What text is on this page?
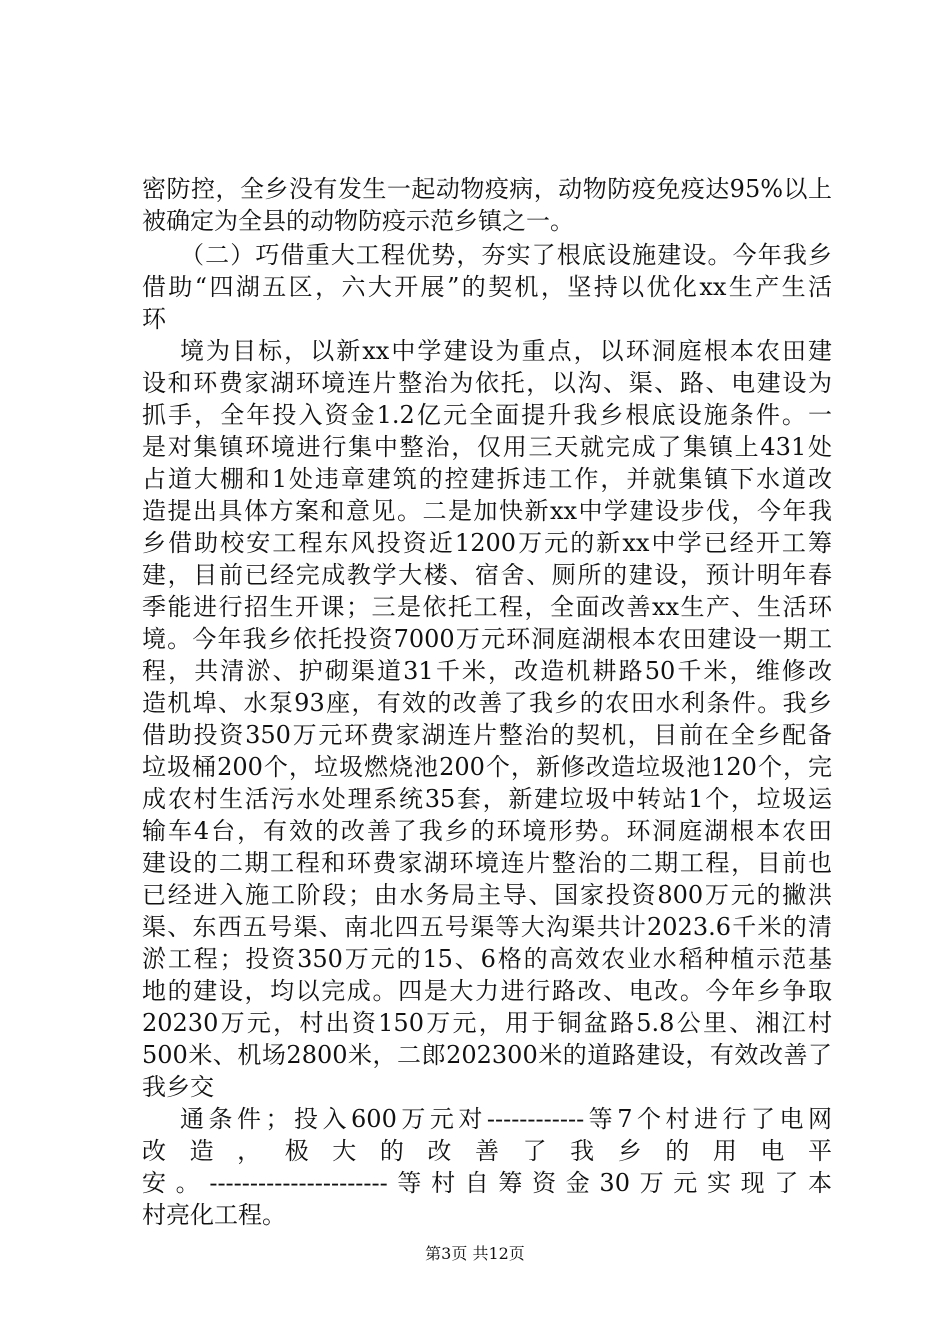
密防控，全乡没有发生一起动物疫病，动物防疫免疫达95%以上
被确定为全县的动物防疫示范乡镇之一。
（二）巧借重大工程优势，夯实了根底设施建设。今年我乡
借助“四湖五区，六大开展”的契机，坚持以优化xx生产生活
环
境为目标，以新xx中学建设为重点，以环洞庭根本农田建
设和环费家湖环境连片整治为依托，以沟、渠、路、电建设为
抓手，全年投入资金1.2亿元全面提升我乡根底设施条件。一
是对集镇环境进行集中整治，仅用三天就完成了集镇上431处
占道大棚和1处违章建筑的控建拆违工作，并就集镇下水道改
造提出具体方案和意见。二是加快新xx中学建设步伐，今年我
乡借助校安工程东风投资近1200万元的新xx中学已经开工筹
建，目前已经完成教学大楼、宿舍、厕所的建设，预计明年春
季能进行招生开课；三是依托工程，全面改善xx生产、生活环
境。今年我乡依托投资7000万元环洞庭湖根本农田建设一期工
程，共清淤、护砌渠道31千米，改造机耕路50千米，维修改
造机埠、水泵93座，有效的改善了我乡的农田水利条件。我乡
借助投资350万元环费家湖连片整治的契机，目前在全乡配备
垃圾桶200个，垃圾燃烧池200个，新修改造垃圾池120个，完
成农村生活污水处理系统35套，新建垃圾中转站1个，垃圾运
输车4台，有效的改善了我乡的环境形势。环洞庭湖根本农田
建设的二期工程和环费家湖环境连片整治的二期工程，目前也
已经进入施工阶段；由水务局主导、国家投资800万元的撇洪
渠、东西五号渠、南北四五号渠等大沟渠共计2023.6千米的清
淤工程；投资350万元的15、6格的高效农业水稻种植示范基
地的建设，均以完成。四是大力进行路改、电改。今年乡争取
20230万元，村出资150万元，用于铜盆路5.8公里、湘江村
500米、机场2800米，二郎202300米的道路建设，有效改善了
我乡交
通条件；投入600万元对------------等7个村进行了电网
改造，极大的改善了我乡的用电平
安。----------------------等村自筹资金30万元实现了本
村亮化工程。
第3页 共12页
